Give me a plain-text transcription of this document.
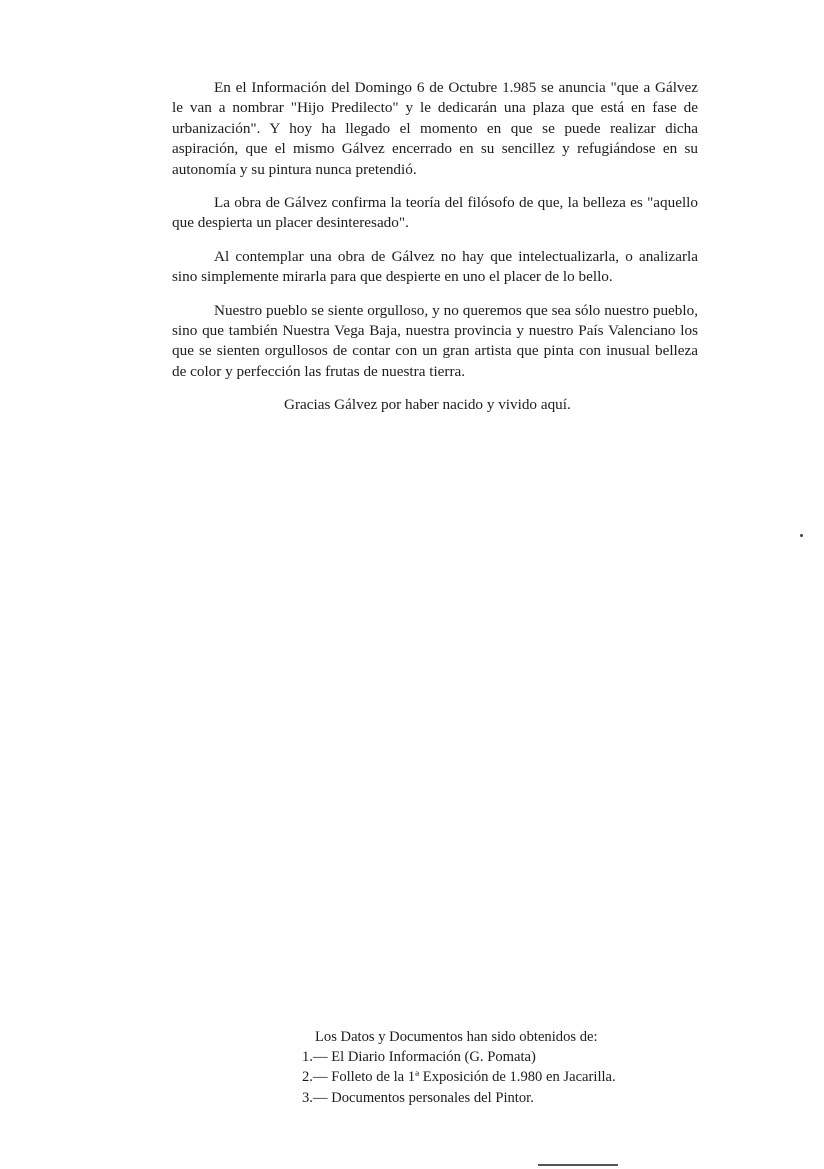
En el Información del Domingo 6 de Octubre 1.985 se anuncia "que a Gálvez le van a nombrar "Hijo Predilecto" y le dedicarán una plaza que está en fase de urbanización". Y hoy ha llegado el momento en que se puede realizar dicha aspiración, que el mismo Gálvez encerrado en su sencillez y refugiándose en su autonomía y su pintura nunca pretendió.

La obra de Gálvez confirma la teoría del filósofo de que, la belleza es "aquello que despierta un placer desinteresado".

Al contemplar una obra de Gálvez no hay que intelectualizarla, o analizarla sino simplemente mirarla para que despierte en uno el placer de lo bello.

Nuestro pueblo se siente orgulloso, y no queremos que sea sólo nuestro pueblo, sino que también Nuestra Vega Baja, nuestra provincia y nuestro País Valenciano los que se sienten orgullosos de contar con un gran artista que pinta con inusual belleza de color y perfección las frutas de nuestra tierra.

Gracias Gálvez por haber nacido y vivido aquí.

Los Datos y Documentos han sido obtenidos de:

1.— El Diario Información (G. Pomata)
2.— Folleto de la 1ª Exposición de 1.980 en Jacarilla.
3.— Documentos personales del Pintor.
